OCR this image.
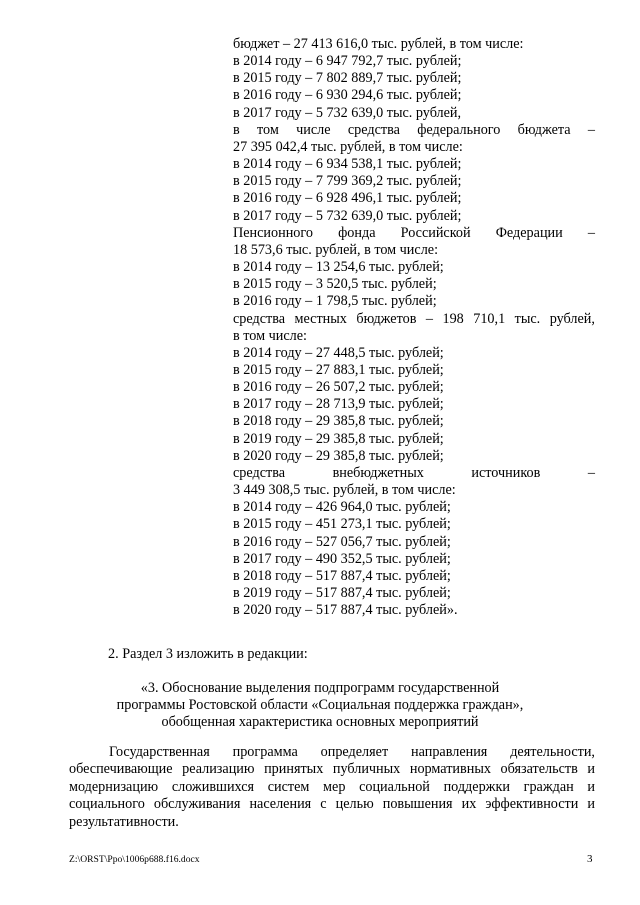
бюджет – 27 413 616,0 тыс. рублей, в том числе:
в 2014 году – 6 947 792,7 тыс. рублей;
в 2015 году – 7 802 889,7 тыс. рублей;
в 2016 году – 6 930 294,6 тыс. рублей;
в 2017 году – 5 732 639,0 тыс. рублей,
в том числе средства федерального бюджета –
27 395 042,4 тыс. рублей, в том числе:
в 2014 году – 6 934 538,1 тыс. рублей;
в 2015 году – 7 799 369,2 тыс. рублей;
в 2016 году – 6 928 496,1 тыс. рублей;
в 2017 году – 5 732 639,0 тыс. рублей;
Пенсионного фонда Российской Федерации –
18 573,6 тыс. рублей, в том числе:
в 2014 году – 13 254,6 тыс. рублей;
в 2015 году – 3 520,5 тыс. рублей;
в 2016 году – 1 798,5 тыс. рублей;
средства местных бюджетов – 198 710,1 тыс. рублей,
в том числе:
в 2014 году – 27 448,5 тыс. рублей;
в 2015 году – 27 883,1 тыс. рублей;
в 2016 году – 26 507,2 тыс. рублей;
в 2017 году – 28 713,9 тыс. рублей;
в 2018 году – 29 385,8 тыс. рублей;
в 2019 году – 29 385,8 тыс. рублей;
в 2020 году – 29 385,8 тыс. рублей;
средства	внебюджетных	источников	–
3 449 308,5 тыс. рублей, в том числе:
в 2014 году – 426 964,0 тыс. рублей;
в 2015 году – 451 273,1 тыс. рублей;
в 2016 году – 527 056,7 тыс. рублей;
в 2017 году – 490 352,5 тыс. рублей;
в 2018 году – 517 887,4 тыс. рублей;
в 2019 году – 517 887,4 тыс. рублей;
в 2020 году – 517 887,4 тыс. рублей».
2. Раздел 3 изложить в редакции:
«3. Обоснование выделения подпрограмм государственной
программы Ростовской области «Социальная поддержка граждан»,
обобщенная характеристика основных мероприятий
Государственная программа определяет направления деятельности,
обеспечивающие реализацию принятых публичных нормативных обязательств и
модернизацию сложившихся систем мер социальной поддержки граждан и
социального обслуживания населения с целью повышения их эффективности и
результативности.
Z:\ORST\Ppo\1006p688.f16.docx	3
